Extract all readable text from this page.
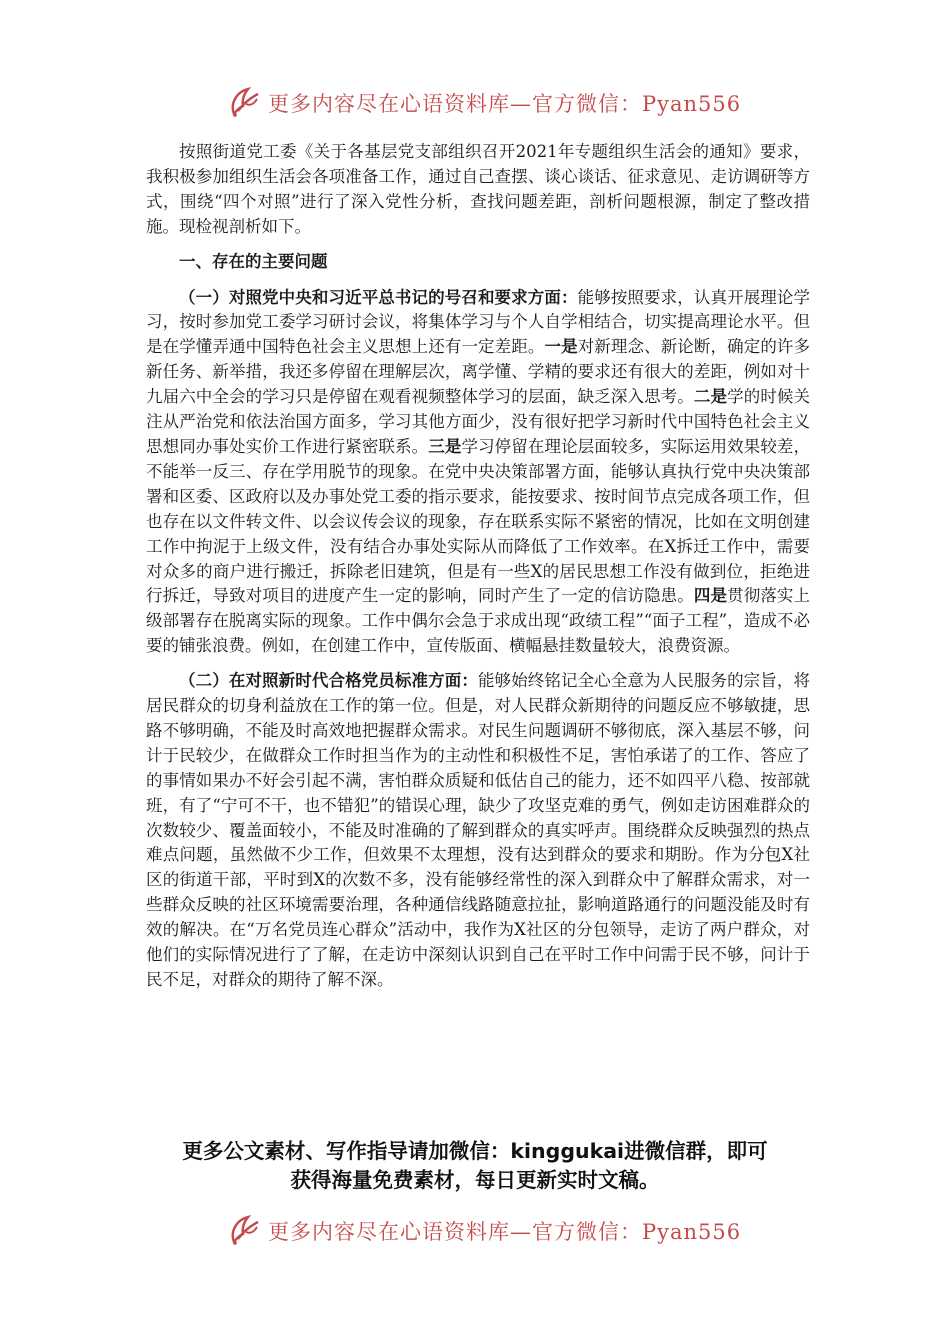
更多内容尽在心语资料库—官方微信：Pyan556

按照街道党工委《关于各基层党支部组织召开2021年专题组织生活会的通知》要求，我积极参加组织生活会各项准备工作，通过自己查摆、谈心谈话、征求意见、走访调研等方式，围绕“四个对照”进行了深入党性分析，查找问题差距，剖析问题根源，制定了整改措施。现检视剖析如下。

一、存在的主要问题

（一）对照党中央和习近平总书记的号召和要求方面：能够按照要求，认真开展理论学习，按时参加党工委学习研讨会议，将集体学习与个人自学相结合，切实提高理论水平。但是在学懂弄通中国特色社会主义思想上还有一定差距。一是对新理念、新论断，确定的许多新任务、新举措，我还多停留在理解层次，离学懂、学精的要求还有很大的差距，例如对十九届六中全会的学习只是停留在观看视频整体学习的层面，缺乏深入思考。二是学的时候关注从严治党和依法治国方面多，学习其他方面少，没有很好把学习新时代中国特色社会主义思想同办事处实价工作进行紧密联系。三是学习停留在理论层面较多，实际运用效果较差，不能举一反三、存在学用脱节的现象。在党中央决策部署方面，能够认真执行党中央决策部署和区委、区政府以及办事处党工委的指示要求，能按要求、按时间节点完成各项工作，但也存在以文件转文件、以会议传会议的现象，存在联系实际不紧密的情况，比如在文明创建工作中拘泥于上级文件，没有结合办事处实际从而降低了工作效率。在X拆迁工作中，需要对众多的商户进行搬迁，拆除老旧建筑，但是有一些X的居民思想工作没有做到位，拒绝进行拆迁，导致对项目的进度产生一定的影响，同时产生了一定的信访隐患。四是贯彻落实上级部署存在脱离实际的现象。工作中偶尔会急于求成出现“政绩工程”“面子工程”，造成不必要的铺张浪费。例如，在创建工作中，宣传版面、横幅悬挂数量较大，浪费资源。

（二）在对照新时代合格党员标准方面：能够始终铭记全心全意为人民服务的宗旨，将居民群众的切身利益放在工作的第一位。但是，对人民群众新期待的问题反应不够敏捷，思路不够明确，不能及时高效地把握群众需求。对民生问题调研不够彻底，深入基层不够，问计于民较少，在做群众工作时担当作为的主动性和积极性不足，害怕承诺了的工作、答应了的事情如果办不好会引起不满，害怕群众质疑和低估自己的能力，还不如四平八稳、按部就班，有了“宁可不干，也不错犯”的错误心理，缺少了攻坚克难的勇气，例如走访困难群众的次数较少、覆盖面较小，不能及时准确的了解到群众的真实呼声。围绕群众反映强烈的热点难点问题，虽然做不少工作，但效果不太理想，没有达到群众的要求和期盼。作为分包X社区的街道干部，平时到X的次数不多，没有能够经常性的深入到群众中了解群众需求，对一些群众反映的社区环境需要治理，各种通信线路随意拉扯，影响道路通行的问题没能及时有效的解决。在“万名党员连心群众”活动中，我作为X社区的分包领导，走访了两户群众，对他们的实际情况进行了了解，在走访中深刻认识到自己在平时工作中问需于民不够，问计于民不足，对群众的期待了解不深。

更多公文素材、写作指导请加微信：kinggukai进微信群，即可
获得海量免费素材，每日更新实时文稿。
更多内容尽在心语资料库—官方微信：Pyan556
